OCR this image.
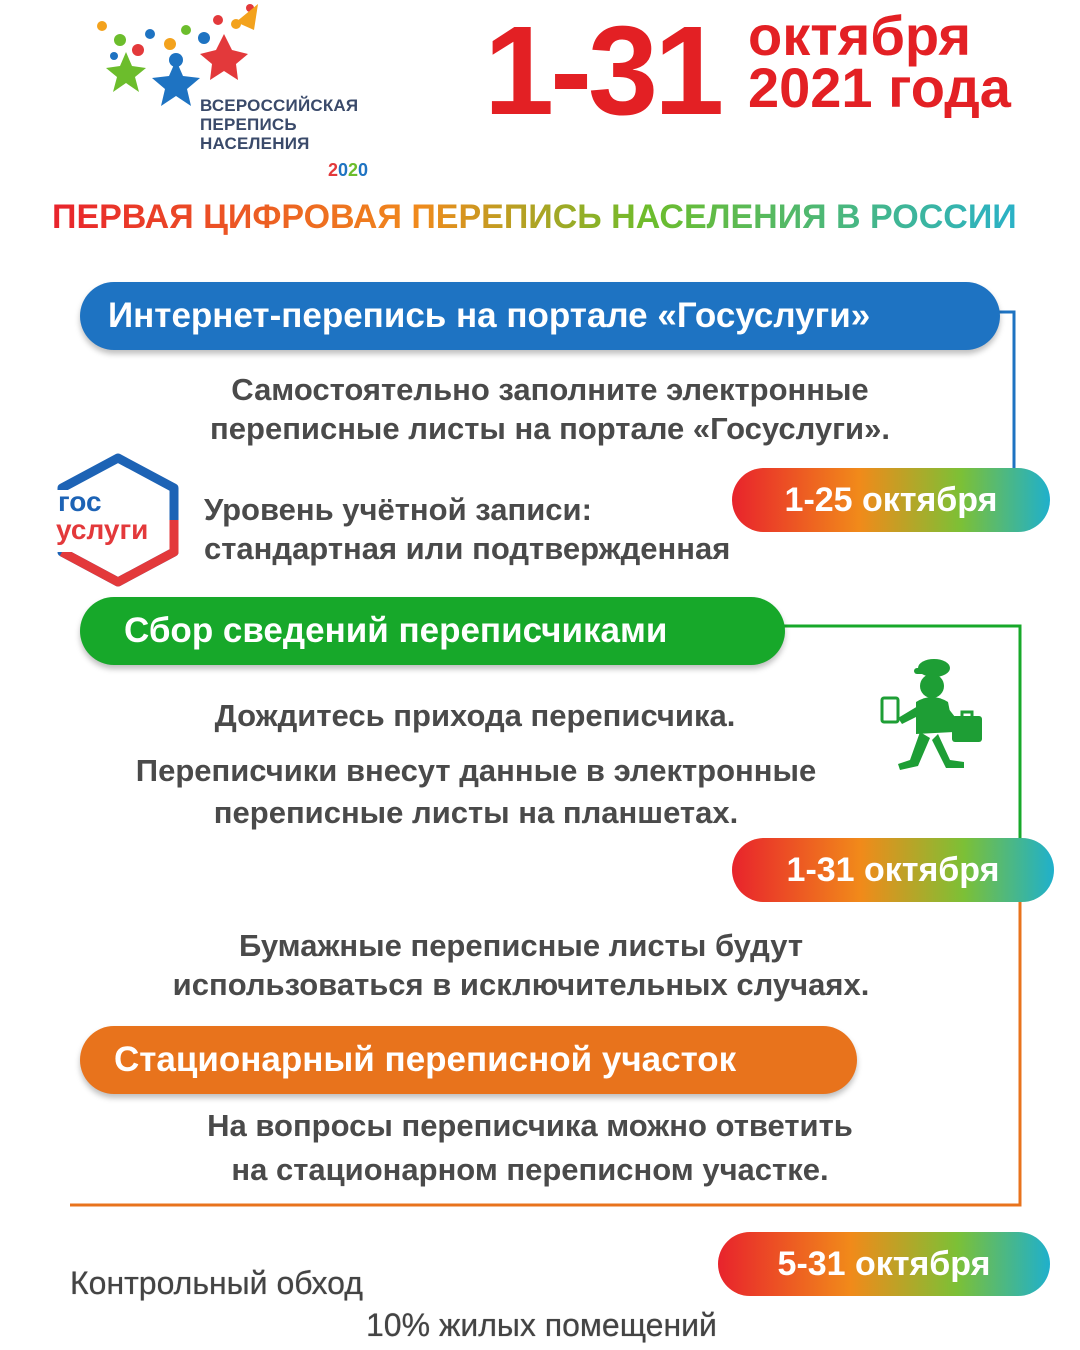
ВСЕРОССИЙСКАЯ
ПЕРЕПИСЬ
НАСЕЛЕНИЯ
2020
1-31 октября
2021 года
ПЕРВАЯ ЦИФРОВАЯ ПЕРЕПИСЬ НАСЕЛЕНИЯ В РОССИИ
Интернет-перепись на портале «Госуслуги»
Самостоятельно заполните электронные
переписные листы на портале «Госуслуги».
1-25 октября
гос
услуги
Уровень учётной записи:
стандартная или подтвержденная
Сбор сведений переписчиками
Дождитесь прихода переписчика.
Переписчики внесут данные в электронные
переписные листы на планшетах.
1-31 октября
Бумажные переписные листы будут
использоваться в исключительных случаях.
Стационарный переписной участок
На вопросы переписчика можно ответить
на стационарном переписном участке.
5-31 октября
Контрольный обход
10% жилых помещений
